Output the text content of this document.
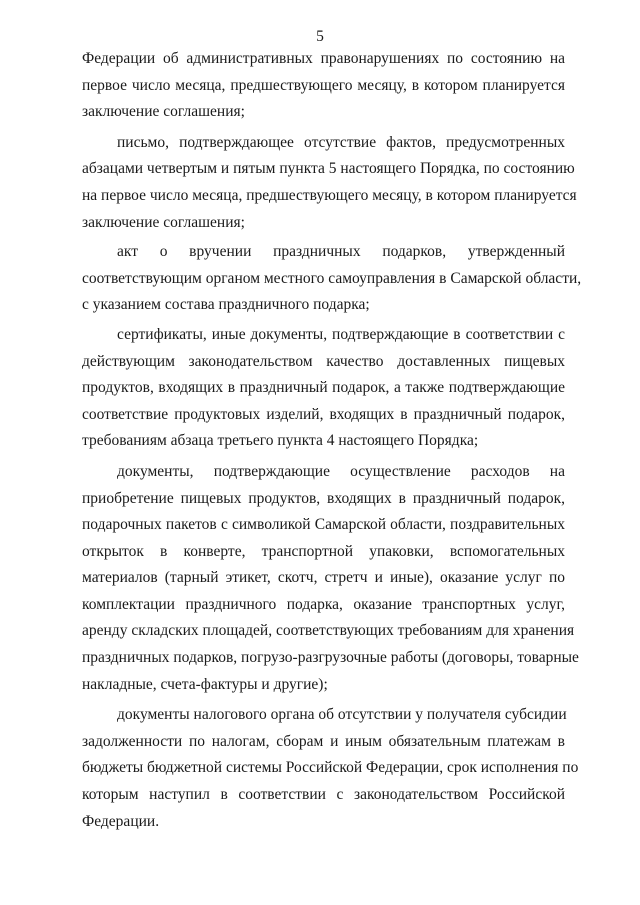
5
Федерации об административных правонарушениях по состоянию на
первое число месяца, предшествующего месяцу, в котором планируется
заключение соглашения;
письмо, подтверждающее отсутствие фактов, предусмотренных
абзацами четвертым и пятым пункта 5 настоящего Порядка, по состоянию
на первое число месяца, предшествующего месяцу, в котором планируется
заключение соглашения;
акт о вручении праздничных подарков, утвержденный
соответствующим органом местного самоуправления в Самарской области,
с указанием состава праздничного подарка;
сертификаты, иные документы, подтверждающие в соответствии с
действующим законодательством качество доставленных пищевых
продуктов, входящих в праздничный подарок, а также подтверждающие
соответствие продуктовых изделий, входящих в праздничный подарок,
требованиям абзаца третьего пункта 4 настоящего Порядка;
документы, подтверждающие осуществление расходов на
приобретение пищевых продуктов, входящих в праздничный подарок,
подарочных пакетов с символикой Самарской области, поздравительных
открыток в конверте, транспортной упаковки, вспомогательных
материалов (тарный этикет, скотч, стретч и иные), оказание услуг по
комплектации праздничного подарка, оказание транспортных услуг,
аренду складских площадей, соответствующих требованиям для хранения
праздничных подарков, погрузо-разгрузочные работы (договоры, товарные
накладные, счета-фактуры и другие);
документы налогового органа об отсутствии у получателя субсидии
задолженности по налогам, сборам и иным обязательным платежам в
бюджеты бюджетной системы Российской Федерации, срок исполнения по
которым наступил в соответствии с законодательством Российской
Федерации.
